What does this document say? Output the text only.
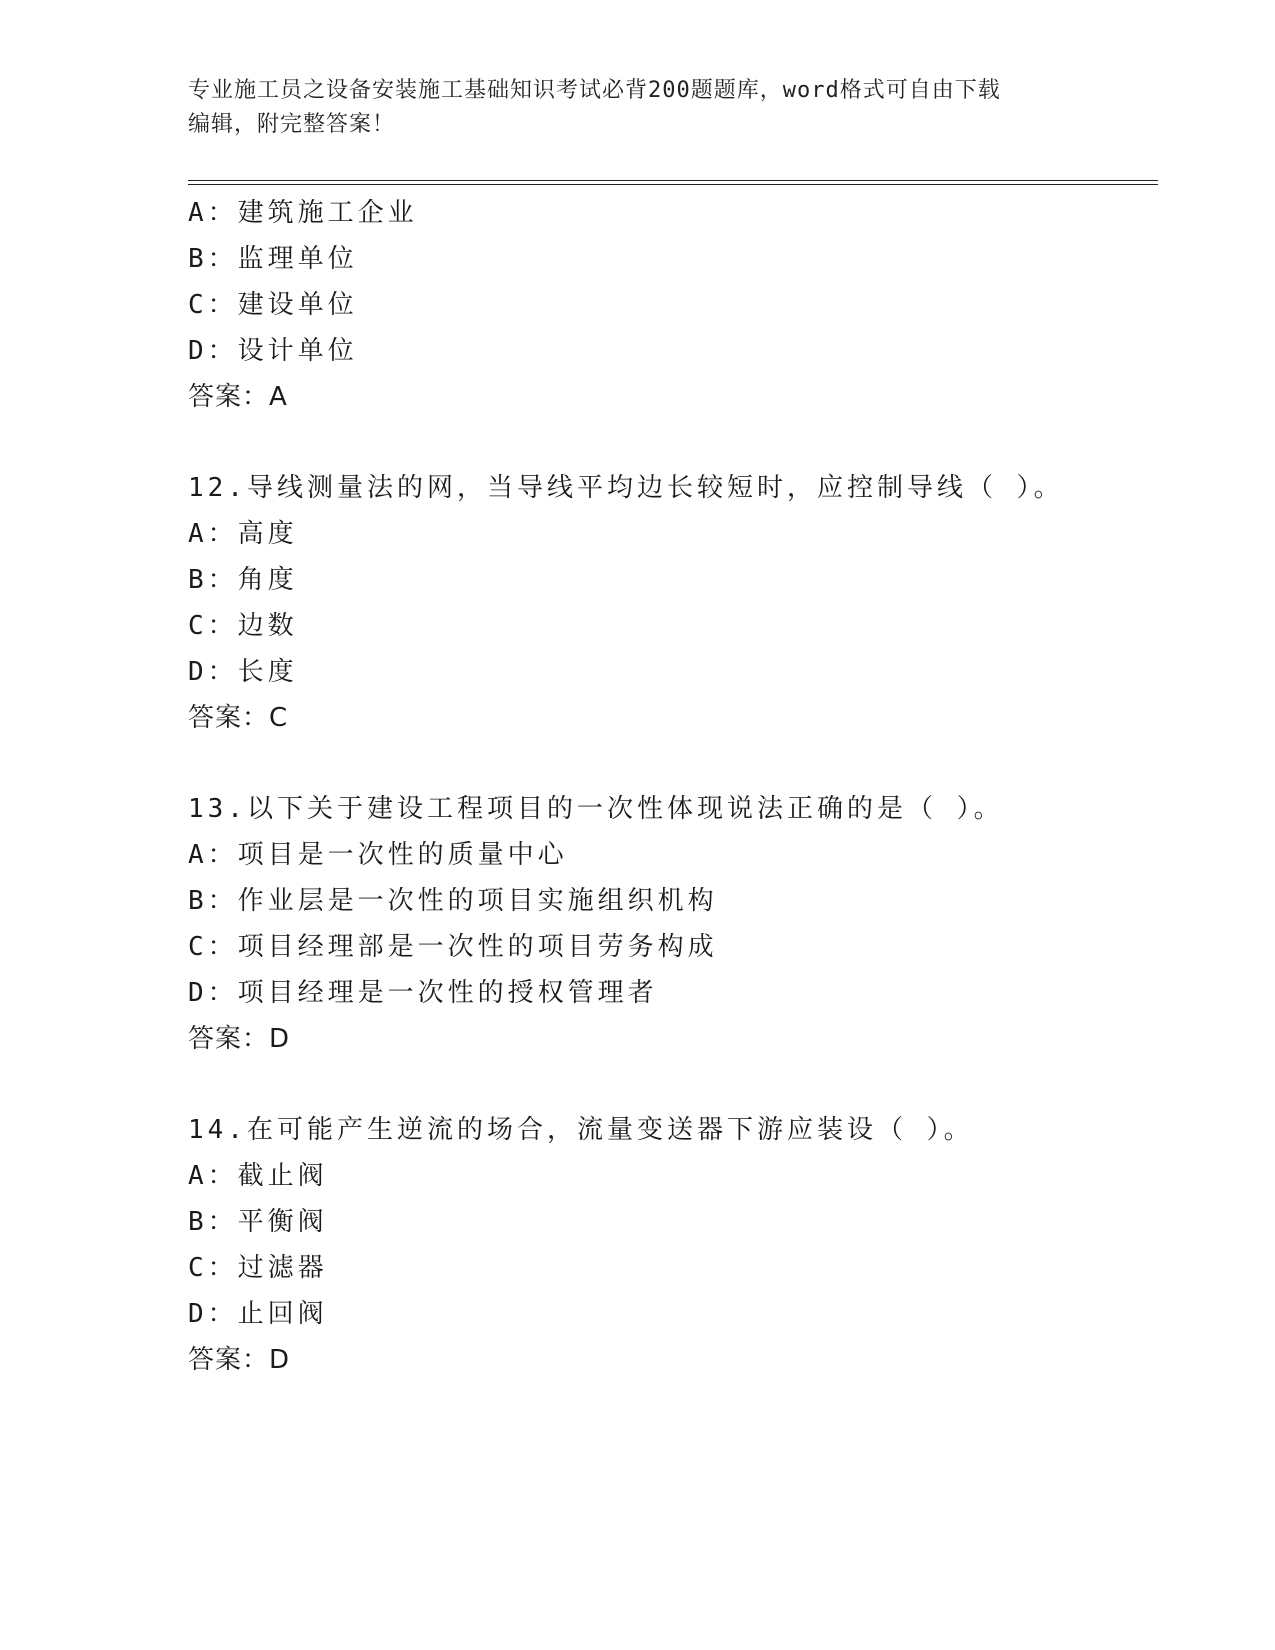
专业施工员之设备安装施工基础知识考试必背200题题库，word格式可自由下载
编辑，附完整答案！
A：建筑施工企业
B：监理单位
C：建设单位
D：设计单位
答案：A
12.导线测量法的网，当导线平均边长较短时，应控制导线（ ）。
A：高度
B：角度
C：边数
D：长度
答案：C
13.以下关于建设工程项目的一次性体现说法正确的是（ ）。
A：项目是一次性的质量中心
B：作业层是一次性的项目实施组织机构
C：项目经理部是一次性的项目劳务构成
D：项目经理是一次性的授权管理者
答案：D
14.在可能产生逆流的场合，流量变送器下游应装设（ ）。
A：截止阀
B：平衡阀
C：过滤器
D：止回阀
答案：D
